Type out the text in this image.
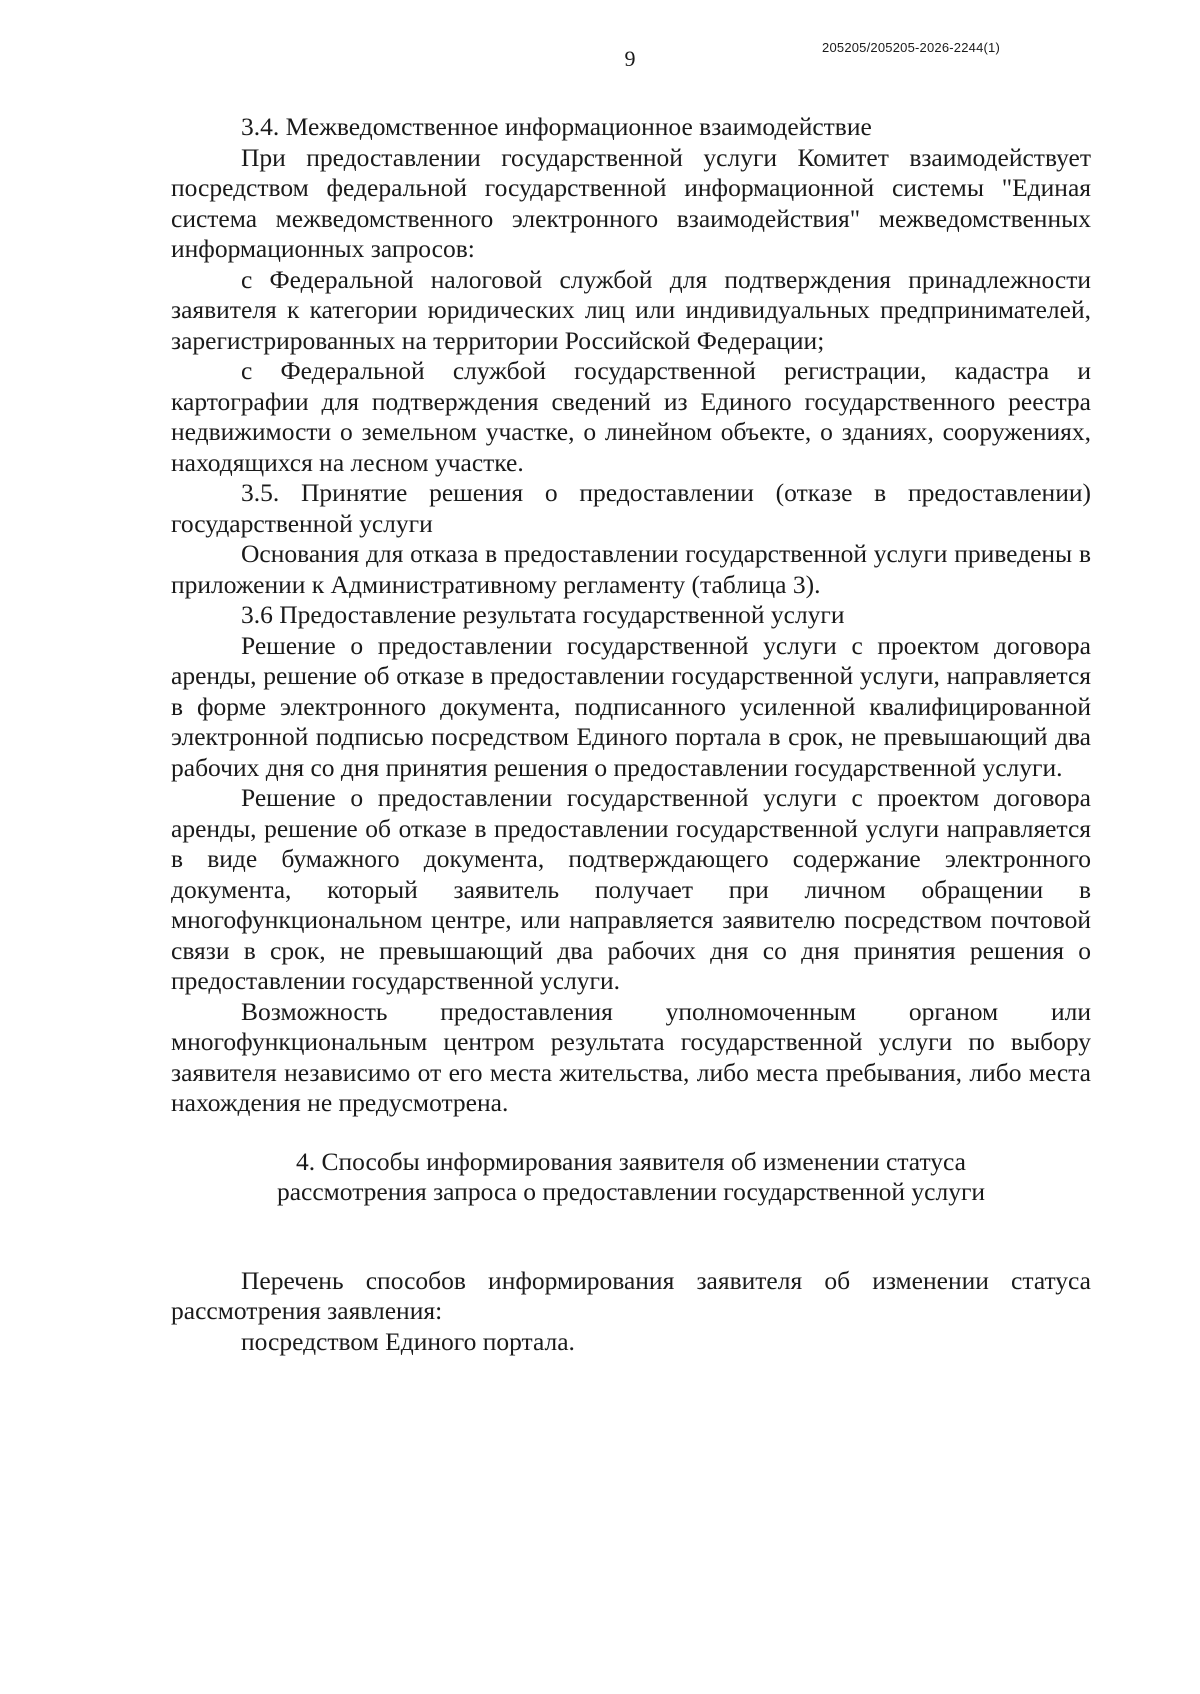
9	205205/205205-2026-2244(1)

3.4. Межведомственное информационное взаимодействие

При предоставлении государственной услуги Комитет взаимодействует посредством федеральной государственной информационной системы "Единая система межведомственного электронного взаимодействия" межведомственных информационных запросов:

с Федеральной налоговой службой для подтверждения принадлежности заявителя к категории юридических лиц или индивидуальных предпринимателей, зарегистрированных на территории Российской Федерации;

с Федеральной службой государственной регистрации, кадастра и картографии для подтверждения сведений из Единого государственного реестра недвижимости о земельном участке, о линейном объекте, о зданиях, сооружениях, находящихся на лесном участке.

3.5. Принятие решения о предоставлении (отказе в предоставлении) государственной услуги

Основания для отказа в предоставлении государственной услуги приведены в приложении к Административному регламенту (таблица 3).

3.6 Предоставление результата государственной услуги

Решение о предоставлении государственной услуги с проектом договора аренды, решение об отказе в предоставлении государственной услуги, направляется в форме электронного документа, подписанного усиленной квалифицированной электронной подписью посредством Единого портала в срок, не превышающий два рабочих дня со дня принятия решения о предоставлении государственной услуги.

Решение о предоставлении государственной услуги с проектом договора аренды, решение об отказе в предоставлении государственной услуги направляется в виде бумажного документа, подтверждающего содержание электронного документа, который заявитель получает при личном обращении в многофункциональном центре, или направляется заявителю посредством почтовой связи в срок, не превышающий два рабочих дня со дня принятия решения о предоставлении государственной услуги.

Возможность предоставления уполномоченным органом или многофункциональным центром результата государственной услуги по выбору заявителя независимо от его места жительства, либо места пребывания, либо места нахождения не предусмотрена.

4. Способы информирования заявителя об изменении статуса

рассмотрения запроса о предоставлении государственной услуги

Перечень способов информирования заявителя об изменении статуса рассмотрения заявления:

посредством Единого портала.
